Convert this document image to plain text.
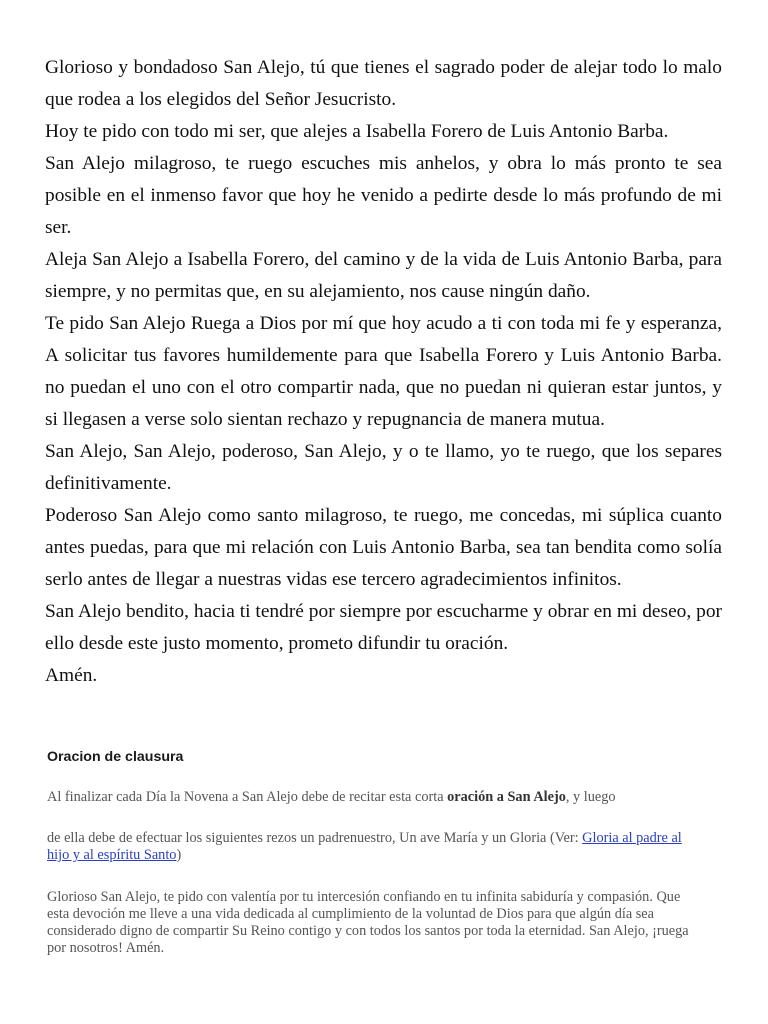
Glorioso y bondadoso San Alejo, tú que tienes el sagrado poder de alejar todo lo malo que rodea a los elegidos del Señor Jesucristo.

Hoy te pido con todo mi ser, que alejes a Isabella Forero de Luis Antonio Barba.

San Alejo milagroso, te ruego escuches mis anhelos, y obra lo más pronto te sea posible en el inmenso favor que hoy he venido a pedirte desde lo más profundo de mi ser.

Aleja San Alejo a Isabella Forero, del camino y de la vida de Luis Antonio Barba, para siempre, y no permitas que, en su alejamiento, nos cause ningún daño.

Te pido San Alejo Ruega a Dios por mí que hoy acudo a ti con toda mi fe y esperanza, A solicitar tus favores humildemente para que Isabella Forero y Luis Antonio Barba. no puedan el uno con el otro compartir nada, que no puedan ni quieran estar juntos, y si llegasen a verse solo sientan rechazo y repugnancia de manera mutua.

San Alejo, San Alejo, poderoso, San Alejo, y o te llamo, yo te ruego, que los separes definitivamente.

Poderoso San Alejo como santo milagroso, te ruego, me concedas, mi súplica cuanto antes puedas, para que mi relación con Luis Antonio Barba, sea tan bendita como solía serlo antes de llegar a nuestras vidas ese tercero agradecimientos infinitos.

San Alejo bendito, hacia ti tendré por siempre por escucharme y obrar en mi deseo, por ello desde este justo momento, prometo difundir tu oración.

Amén.

Oracion de clausura

Al finalizar cada Día la Novena a San Alejo debe de recitar esta corta oración a San Alejo, y luego

de ella debe de efectuar los siguientes rezos un padrenuestro, Un ave María y un Gloria (Ver: Gloria al padre al hijo y al espíritu Santo)

Glorioso San Alejo, te pido con valentía por tu intercesión confiando en tu infinita sabiduría y compasión. Que esta devoción me lleve a una vida dedicada al cumplimiento de la voluntad de Dios para que algún día sea considerado digno de compartir Su Reino contigo y con todos los santos por toda la eternidad. San Alejo, ¡ruega por nosotros! Amén.
